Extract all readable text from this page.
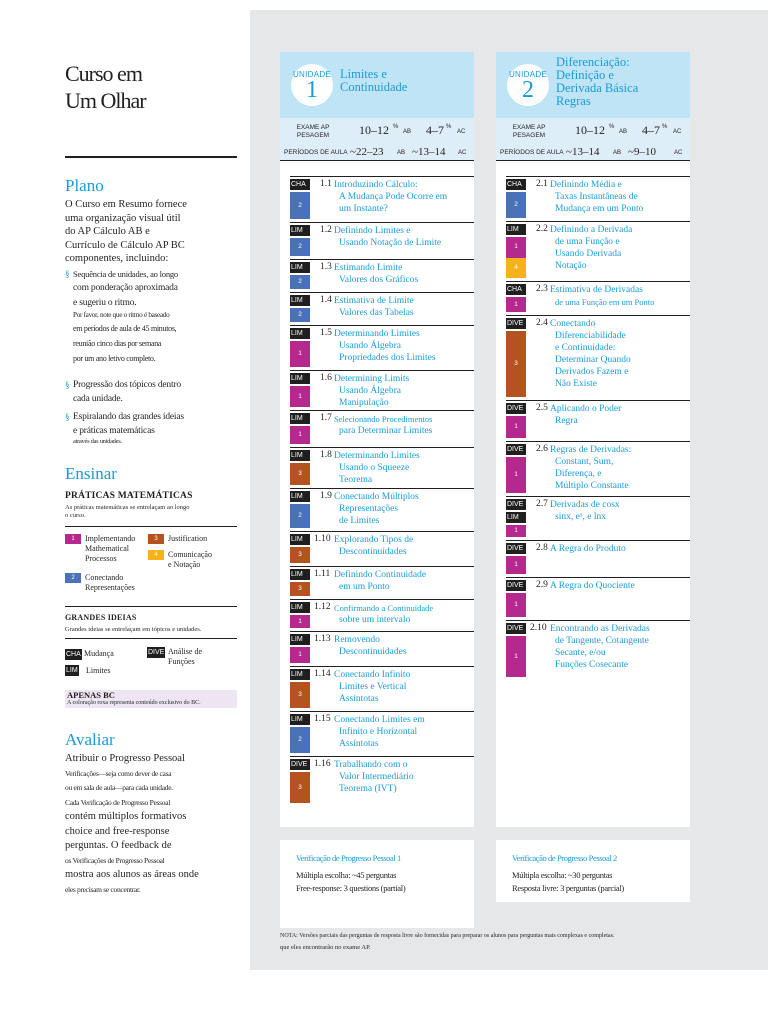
Curso em
Um Olhar
Plano
O Curso em Resumo fornece
uma organização visual útil
do AP Cálculo AB e
Currículo de Cálculo AP BC
componentes, incluindo:
§ Sequência de unidades, ao longo
com ponderação aproximada
e sugeriu o ritmo.
Por favor, note que o ritmo é baseado
em períodos de aula de 45 minutos,
reunião cinco dias por semana
por um ano letivo completo.
§ Progressão dos tópicos dentro
cada unidade.
§ Espiralando das grandes ideias
e práticas matemáticas
através das unidades.
Ensinar
PRÁTICAS MATEMÁTICAS
As práticas matemáticas se entrelaçam ao longo
o curso.
1	Implementando
Mathematical
Processos
2	Conectando
Representações
3	Justification
4	Comunicação
e Notação
GRANDES IDEIAS
Grandes ideias se entrelaçam em tópicos e unidades.
CHA Mudança	DIVE Análise de
Funções
LIM Limites
APENAS BC
A coloração roxa representa conteúdo exclusivo do BC.
Avaliar
Atribuir o Progresso Pessoal
Verificações—seja como dever de casa
ou em sala de aula—para cada unidade.
Cada Verificação de Progresso Pessoal
contém múltiplos formativos
choice and free-response
perguntas. O feedback de
os Verificações de Progresso Pessoal
mostra aos alunos as áreas onde
eles precisam se concentrar.
UNIDADE
1
Limites e
Continuidade
EXAME AP
PESAGEM	10–12 %
AB 4–7 %
AC
PERÍODOS DE AULA ~22–23 AB ~13–14 AC
CHA
2
1.1 Introduzindo Cálculo:
A Mudança Pode Ocorre em
um Instante?
LIM
2
1.2 Definindo Limites e
Usando Notação de Limite
LIM
2
1.3 Estimando Limite
Valores dos Gráficos
LIM
2
1.4 Estimativa de Limite
Valores das Tabelas
LIM
1
1.5 Determinando Limites
Usando Álgebra
Propriedades dos Limites
LIM
1
1.6 Determining Limits
Usando Álgebra
Manipulação
LIM
1
1.7 Selecionando Procedimentos
para Determinar Limites
LIM
3
1.8 Determinando Limites
Usando o Squeeze
Teorema
LIM
2
1.9 Conectando Múltiplos
Representações
de Limites
LIM
3
1.10 Explorando Tipos de
Descontinuidades
LIM
3
1.11 Definindo Continuidade
em um Ponto
LIM
1
1.12 Confirmando a Continuidade
sobre um intervalo
LIM
1
1.13 Removendo
Descontinuidades
LIM
3
1.14 Conectando Infinito
Limites e Vertical
Assíntotas
LIM
2
1.15 Conectando Limites em
Infinito e Horizontal
Assíntotas
DIVE
3
1.16 Trabalhando com o
Valor Intermediário
Teorema (IVT)
Verificação de Progresso Pessoal 1
Múltipla escolha: ~45 perguntas
Free-response: 3 questions (partial)
UNIDADE
2
Diferenciação:
Definição e
Derivada Básica
Regras
EXAME AP
PESAGEM	10–12 %
AB 4–7 %
AC
PERÍODOS DE AULA ~13–14 AB ~9–10	AC
CHA
2
2.1 Definindo Média e
Taxas Instantâneas de
Mudança em um Ponto
LIM
1
4
2.2 Definindo a Derivada
de uma Função e
Usando Derivada
Notação
CHA
1
2.3 Estimativa de Derivadas
de uma Função em um Ponto
DIVE
3
2.4 Conectando
Diferenciabilidade
e Continuidade:
Determinar Quando
Derivados Fazem e
Não Existe
DIVE
1
2.5 Aplicando o Poder
Regra
DIVE
1
2.6 Regras de Derivadas:
Constant, Sum,
Diferença, e
Múltiplo Constante
DIVE
LIM
1
2.7 Derivadas de cosx
sinx, eˣ, e lnx
DIVE
1
2.8 A Regra do Produto
DIVE
1
2.9 A Regra do Quociente
DIVE
1
2.10 Encontrando as Derivadas
de Tangente, Cotangente
Secante, e/ou
Funções Cosecante
Verificação de Progresso Pessoal 2
Múltipla escolha: ~30 perguntas
Resposta livre: 3 perguntas (parcial)
NOTA: Versões parciais das perguntas de resposta livre são fornecidas para preparar os alunos para perguntas mais complexas e completas.
que eles encontrarão no exame AP.
